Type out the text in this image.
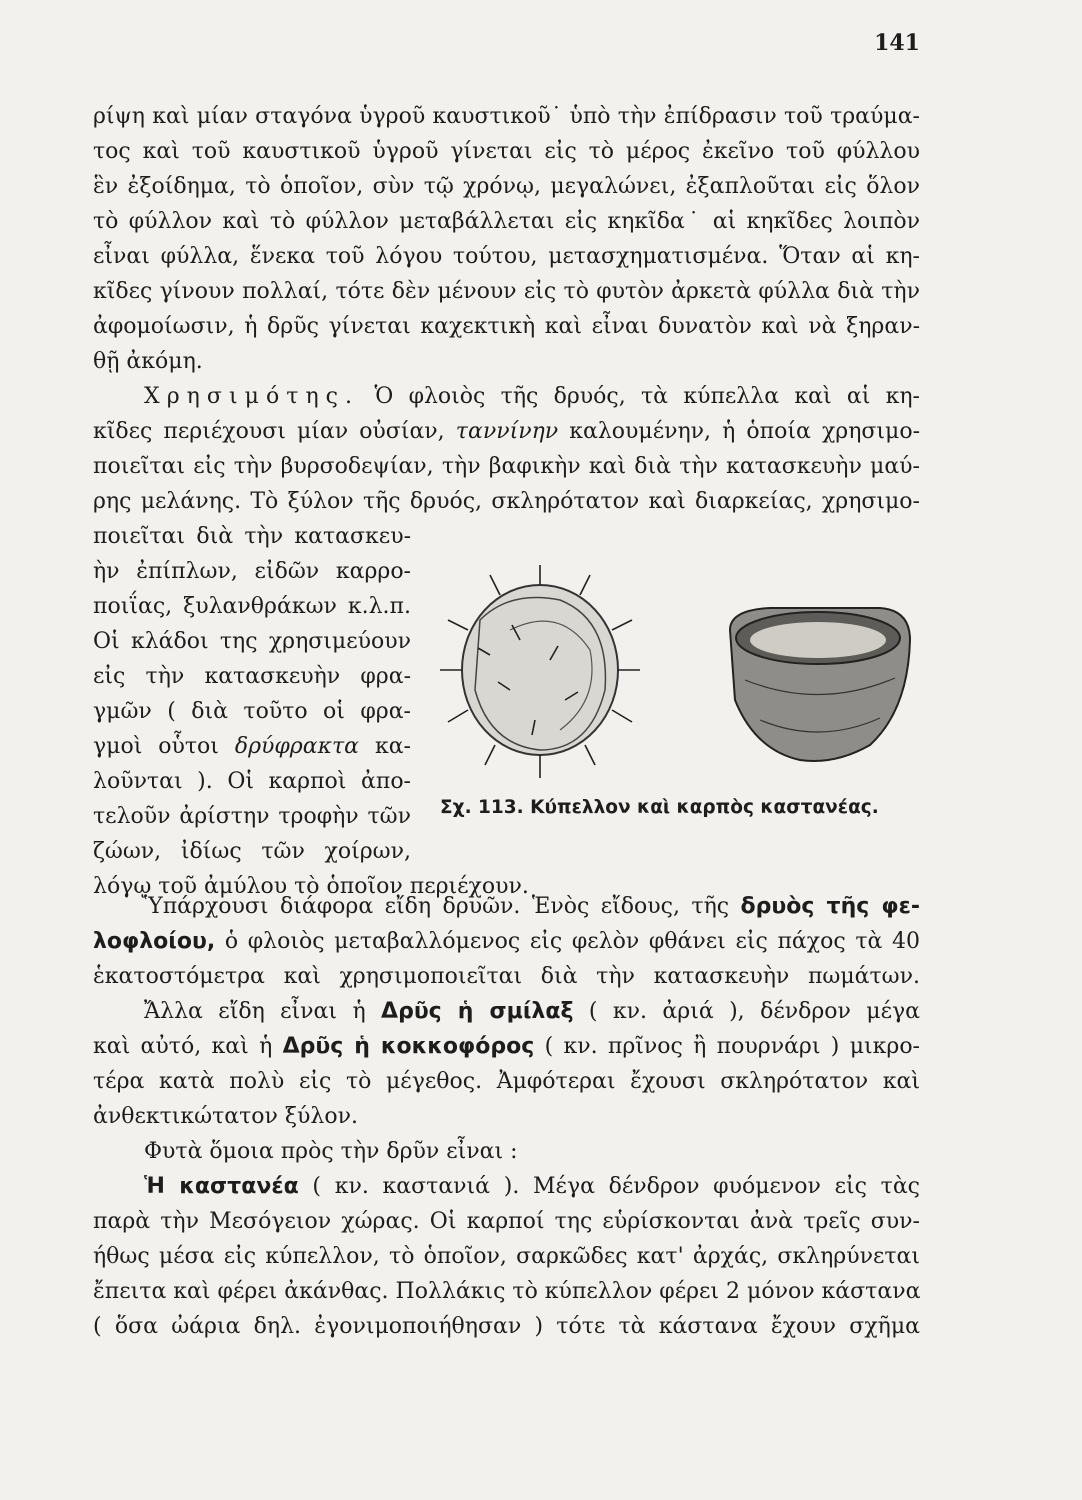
141
ρίψη καὶ μίαν σταγόνα ὑγροῦ καυστικοῦ˙ ὑπὸ τὴν ἐπίδρασιν τοῦ τραύμα-
τος καὶ τοῦ καυστικοῦ ὑγροῦ γίνεται εἰς τὸ μέρος ἐκεῖνο τοῦ φύλλου
ἓν ἐξοίδημα, τὸ ὁποῖον, σὺν τῷ χρόνῳ, μεγαλώνει, ἐξαπλοῦται εἰς ὅλον
τὸ φύλλον καὶ τὸ φύλλον μεταβάλλεται εἰς κηκῖδα˙ αἱ κηκῖδες λοιπὸν
εἶναι φύλλα, ἕνεκα τοῦ λόγου τούτου, μετασχηματισμένα. Ὅταν αἱ κη-
κῖδες γίνουν πολλαί, τότε δὲν μένουν εἰς τὸ φυτὸν ἀρκετὰ φύλλα διὰ τὴν
ἀφομοίωσιν, ἡ δρῦς γίνεται καχεκτικὴ καὶ εἶναι δυνατὸν καὶ νὰ ξηραν-
θῇ ἀκόμη.
Χρησιμότης. Ὁ φλοιὸς τῆς δρυός, τὰ κύπελλα καὶ αἱ κη-
κῖδες περιέχουσι μίαν οὐσίαν, ταννίνην καλουμένην, ἡ ὁποία χρησιμο-
ποιεῖται εἰς τὴν βυρσοδεψίαν, τὴν βαφικὴν καὶ διὰ τὴν κατασκευὴν μαύ-
ρης μελάνης. Τὸ ξύλον τῆς δρυός, σκληρότατον καὶ διαρκείας, χρησιμο-
ποιεῖται διὰ τὴν κατασκευ-
ὴν ἐπίπλων, εἰδῶν καρρο-
ποιΐας, ξυλανθράκων κ.λ.π.
Οἱ κλάδοι της χρησιμεύουν
εἰς τὴν κατασκευὴν φρα-
γμῶν ( διὰ τοῦτο οἱ φρα-
γμοὶ οὗτοι δρύφρακτα κα-
λοῦνται ). Οἱ καρποὶ ἀπο-
τελοῦν ἀρίστην τροφὴν τῶν
ζώων, ἰδίως τῶν χοίρων,
λόγῳ τοῦ ἀμύλου τὸ ὁποῖον περιέχουν.
Σχ. 113. Κύπελλον καὶ καρπὸς καστανέας.
Ὑπάρχουσι διάφορα εἴδη δρυῶν. Ἑνὸς εἴδους, τῆς δρυὸς τῆς φε-
λοφλοίου, ὁ φλοιὸς μεταβαλλόμενος εἰς φελὸν φθάνει εἰς πάχος τὰ 40
ἑκατοστόμετρα καὶ χρησιμοποιεῖται διὰ τὴν κατασκευὴν πωμάτων.
Ἄλλα εἴδη εἶναι ἡ Δρῦς ἡ σμίλαξ ( κν. ἀριά ), δένδρον μέγα
καὶ αὐτό, καὶ ἡ Δρῦς ἡ κοκκοφόρος ( κν. πρῖνος ἢ πουρνάρι ) μικρο-
τέρα κατὰ πολὺ εἰς τὸ μέγεθος. Ἀμφότεραι ἔχουσι σκληρότατον καὶ
ἀνθεκτικώτατον ξύλον.
Φυτὰ ὅμοια πρὸς τὴν δρῦν εἶναι :
Ἡ καστανέα ( κν. καστανιά ). Μέγα δένδρον φυόμενον εἰς τὰς
παρὰ τὴν Μεσόγειον χώρας. Οἱ καρποί της εὑρίσκονται ἀνὰ τρεῖς συν-
ήθως μέσα εἰς κύπελλον, τὸ ὁποῖον, σαρκῶδες κατ' ἀρχάς, σκληρύνεται
ἔπειτα καὶ φέρει ἀκάνθας. Πολλάκις τὸ κύπελλον φέρει 2 μόνον κάστανα
( ὅσα ὠάρια δηλ. ἐγονιμοποιήθησαν ) τότε τὰ κάστανα ἔχουν σχῆμα
